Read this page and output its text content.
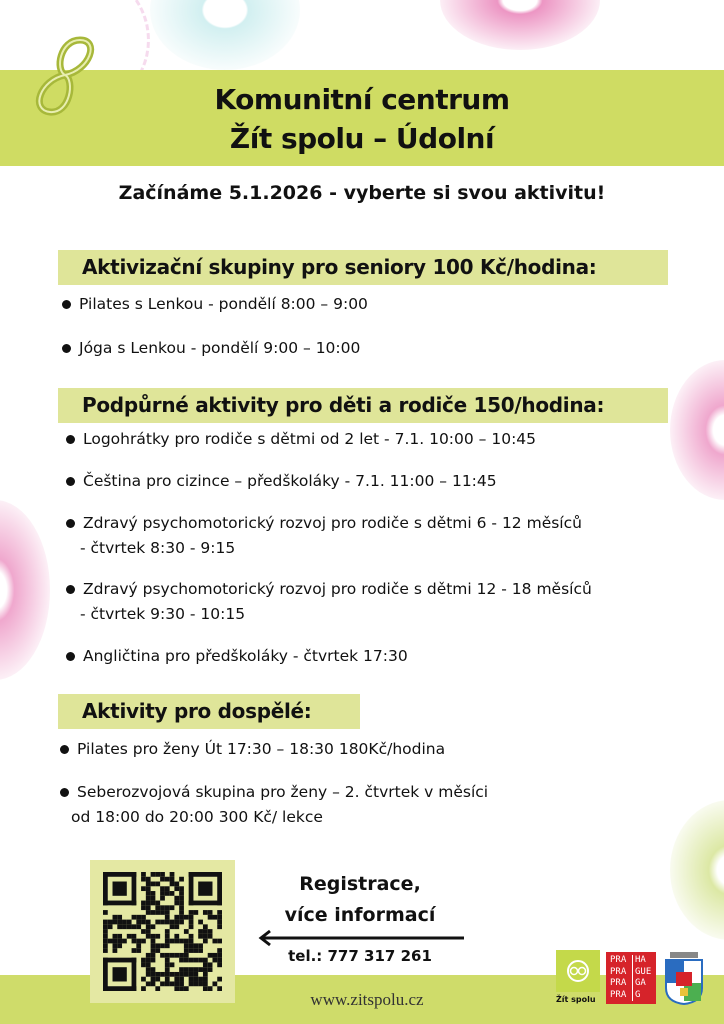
Komunitní centrum
Žít spolu – Údolní
Začínáme 5.1.2026 - vyberte si svou aktivitu!
Aktivizační skupiny pro seniory 100 Kč/hodina:
Pilates s Lenkou - pondělí 8:00 – 9:00
Jóga s Lenkou - pondělí 9:00 – 10:00
Podpůrné aktivity pro děti a rodiče 150/hodina:
Logohrátky pro rodiče s dětmi od 2 let - 7.1. 10:00 – 10:45
Čeština pro cizince – předškoláky - 7.1. 11:00 – 11:45
Zdravý psychomotorický rozvoj pro rodiče s dětmi 6 - 12 měsíců
- čtvrtek 8:30 - 9:15
Zdravý psychomotorický rozvoj pro rodiče s dětmi 12 - 18 měsíců
- čtvrtek 9:30 - 10:15
Angličtina pro předškoláky - čtvrtek 17:30
Aktivity pro dospělé:
Pilates pro ženy Út 17:30 – 18:30 180Kč/hodina
Seberozvojová skupina pro ženy – 2. čtvrtek v měsíci
od 18:00 do 20:00 300 Kč/ lekce
Registrace,
více informací
tel.: 777 317 261
www.zitspolu.cz	Žít spolu
PRA HA
PRA GUE
PRA GA
PRA G
